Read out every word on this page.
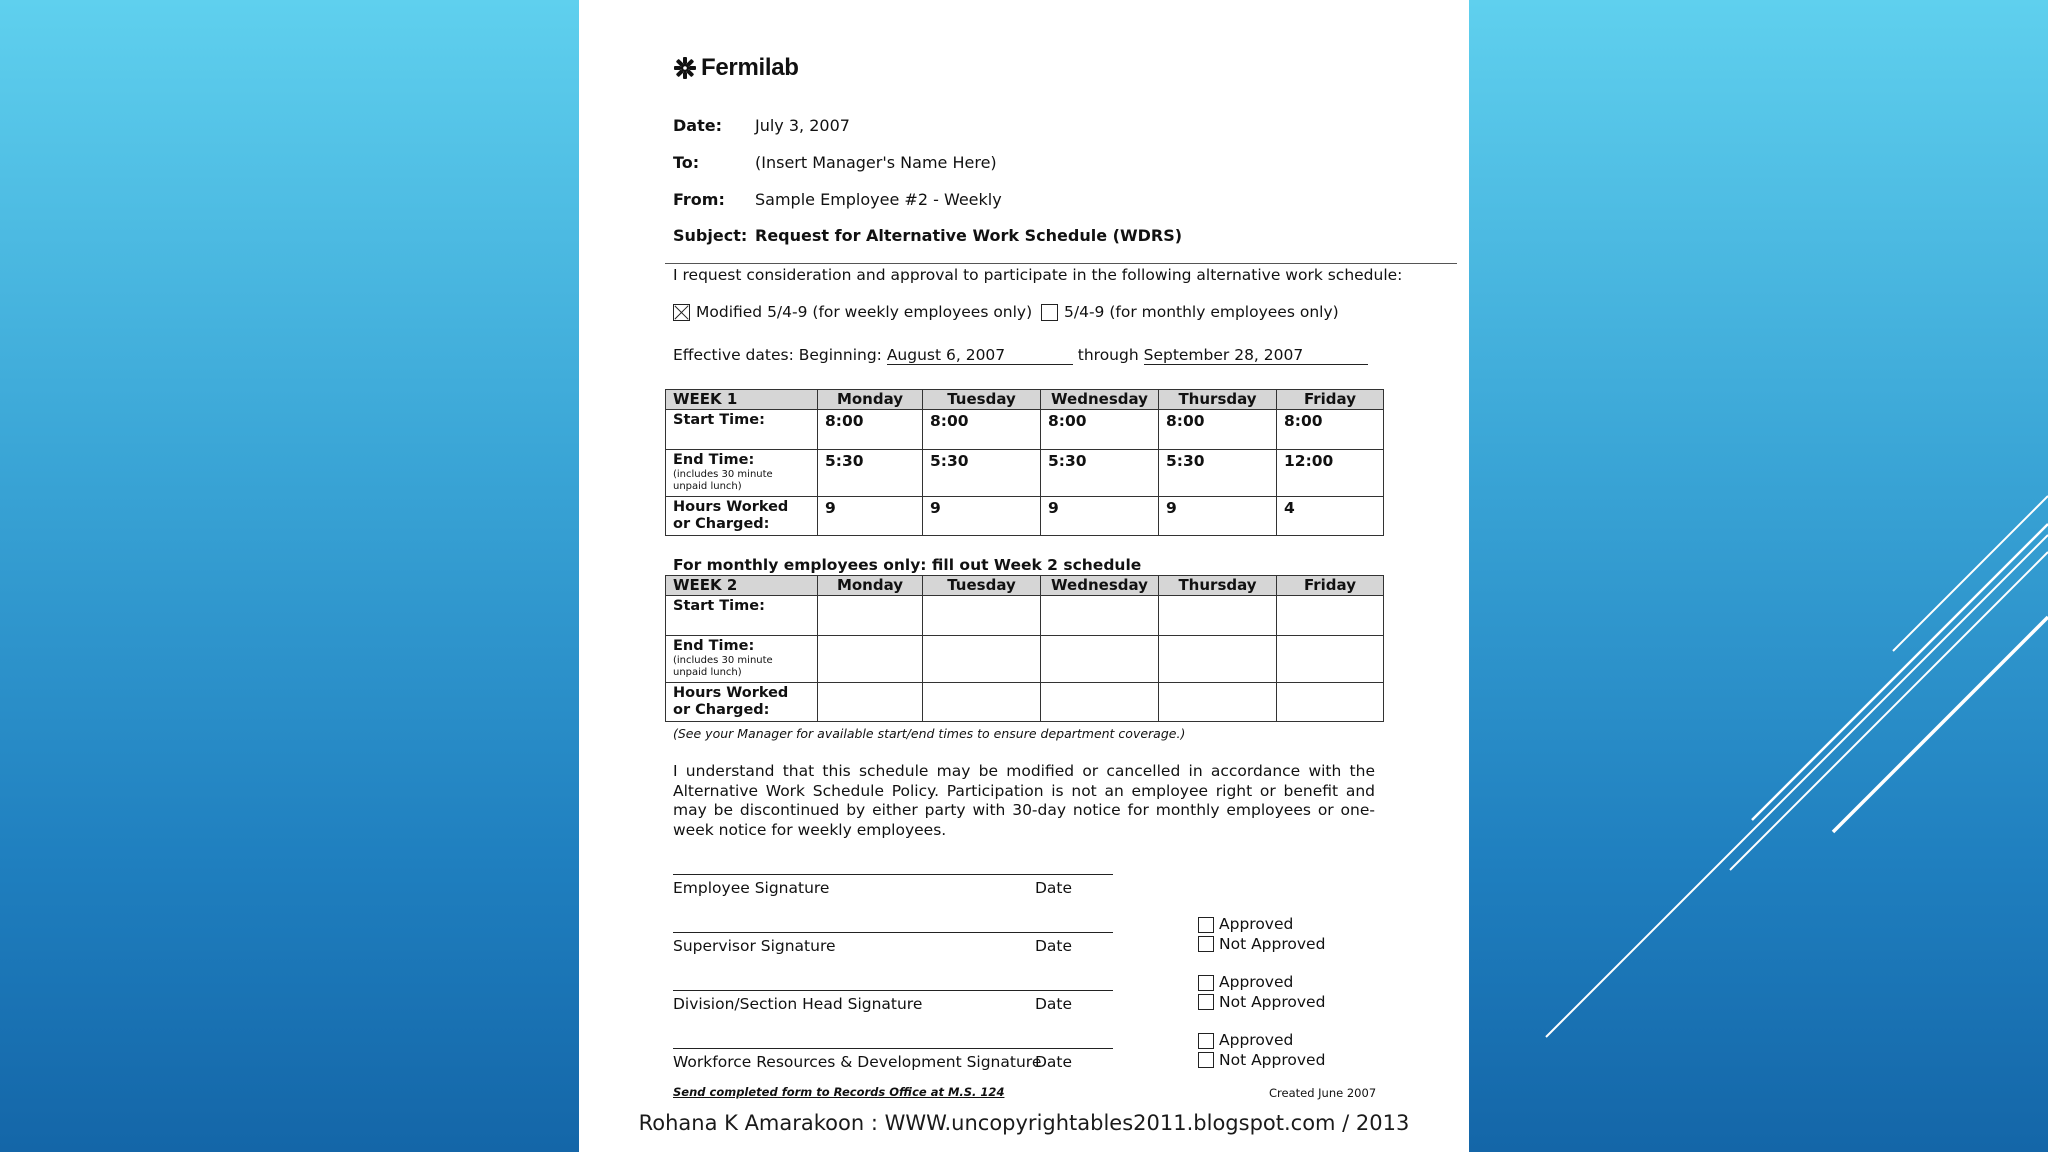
Fermilab
Date: July 3, 2007
To:	(Insert Manager's Name Here)
From: Sample Employee #2 - Weekly
Subject: Request for Alternative Work Schedule (WDRS)
I request consideration and approval to participate in the following alternative work schedule:
Modified 5/4-9 (for weekly employees only) 5/4-9 (for monthly employees only)
Effective dates: Beginning: August 6, 2007	through September 28, 2007
WEEK 1	Monday	Tuesday	Wednesday	Thursday	Friday
Start Time:	8:00	8:00	8:00	8:00	8:00
End Time:
(includes 30 minute unpaid lunch)	5:30	5:30	5:30	5:30	12:00
Hours Worked or Charged:	9	9	9	9	4
For monthly employees only: fill out Week 2 schedule
WEEK 2	Monday	Tuesday	Wednesday	Thursday	Friday
Start Time:					
End Time:
(includes 30 minute unpaid lunch)					

Hours Worked or Charged:					
(See your Manager for available start/end times to ensure department coverage.)
I understand that this schedule may be modified or cancelled in accordance with the Alternative Work Schedule Policy. Participation is not an employee right or benefit and may be discontinued by either party with 30-day notice for monthly employees or one-week notice for weekly employees.
Employee Signature	Date
Supervisor Signature	Date
Division/Section Head Signature	Date
Workforce Resources & Development Signature
Date
Approved
Not Approved
Approved
Not Approved
Approved
Not Approved
Send completed form to Records Office at M.S. 124	Created June 2007
Rohana K Amarakoon : WWW.uncopyrightables2011.blogspot.com / 2013
